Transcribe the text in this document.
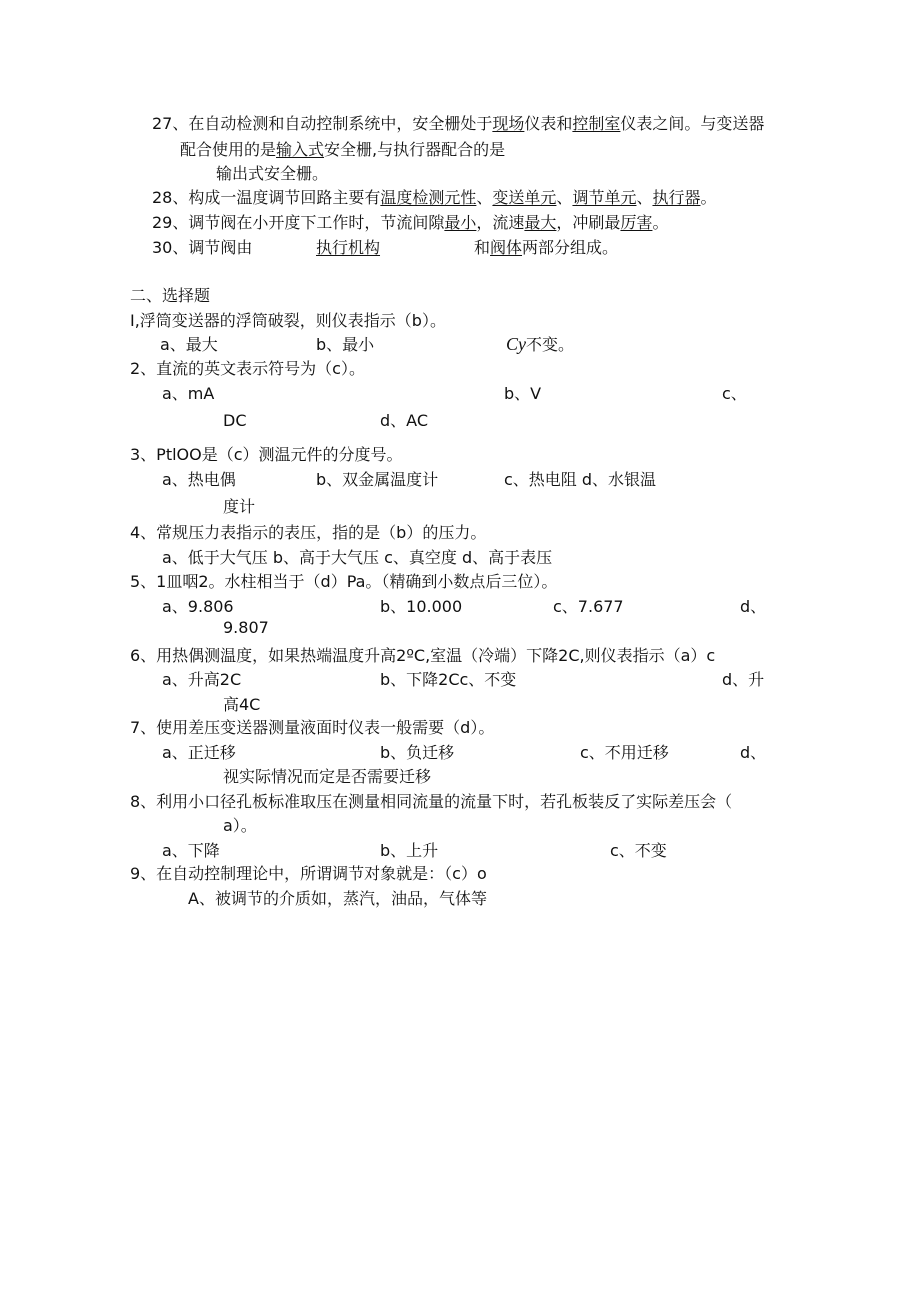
27、在自动检测和自动控制系统中，安全栅处于现场仪表和控制室仪表之间。与变送器
配合使用的是输入式安全栅,与执行器配合的是
输出式安全栅。
28、构成一温度调节回路主要有温度检测元性、变送单元、调节单元、执行器。
29、调节阀在小开度下工作时，节流间隙最小，流速最大，冲刷最厉害。
30、调节阀由	执行机构	和阀体两部分组成。
二、选择题
I,浮筒变送器的浮筒破裂，则仪表指示（b）。
a、最大	b、最小	Cy不变。
2、直流的英文表示符号为（c）。
a、mA	b、V	c、
DC	d、AC
3、PtlOO是（c）测温元件的分度号。
a、热电偶	b、双金属温度计	c、热电阻 d、水银温
度计
4、常规压力表指示的表压，指的是（b）的压力。
a、低于大气压 b、高于大气压 c、真空度 d、高于表压
5、1皿咽2。水柱相当于（d）Pa。（精确到小数点后三位）。
a、9.806	b、10.000	c、7.677	d、
9.807
6、用热偶测温度，如果热端温度升高2ºC,室温（冷端）下降2C,则仪表指示（a）c
a、升高2C	b、下降2Cc、不变	d、升
高4C
7、使用差压变送器测量液面时仪表一般需要（d）。
a、正迁移	b、负迁移	c、不用迁移	d、
视实际情况而定是否需要迁移
8、利用小口径孔板标准取压在测量相同流量的流量下时，若孔板装反了实际差压会（
a）。
a、下降	b、上升	c、不变
9、在自动控制理论中，所谓调节对象就是：（c）o
A、被调节的介质如，蒸汽，油品，气体等
